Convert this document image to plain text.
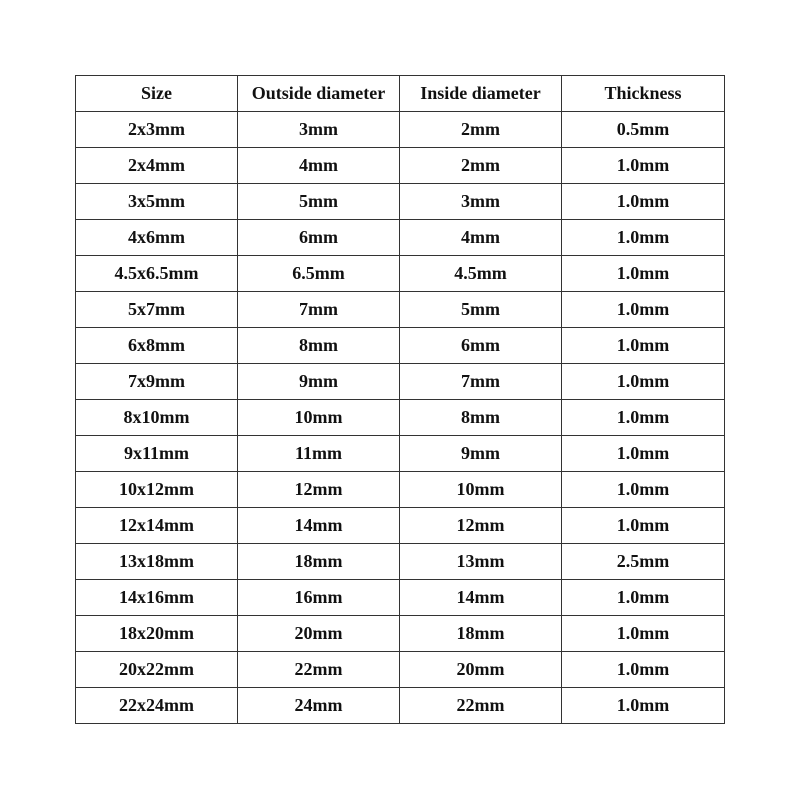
Size	Outside diameter	Inside diameter	Thickness
2x3mm	3mm	2mm	0.5mm
2x4mm	4mm	2mm	1.0mm
3x5mm	5mm	3mm	1.0mm
4x6mm	6mm	4mm	1.0mm
4.5x6.5mm	6.5mm	4.5mm	1.0mm
5x7mm	7mm	5mm	1.0mm
6x8mm	8mm	6mm	1.0mm
7x9mm	9mm	7mm	1.0mm
8x10mm	10mm	8mm	1.0mm
9x11mm	11mm	9mm	1.0mm
10x12mm	12mm	10mm	1.0mm
12x14mm	14mm	12mm	1.0mm
13x18mm	18mm	13mm	2.5mm
14x16mm	16mm	14mm	1.0mm
18x20mm	20mm	18mm	1.0mm
20x22mm	22mm	20mm	1.0mm
22x24mm	24mm	22mm	1.0mm
